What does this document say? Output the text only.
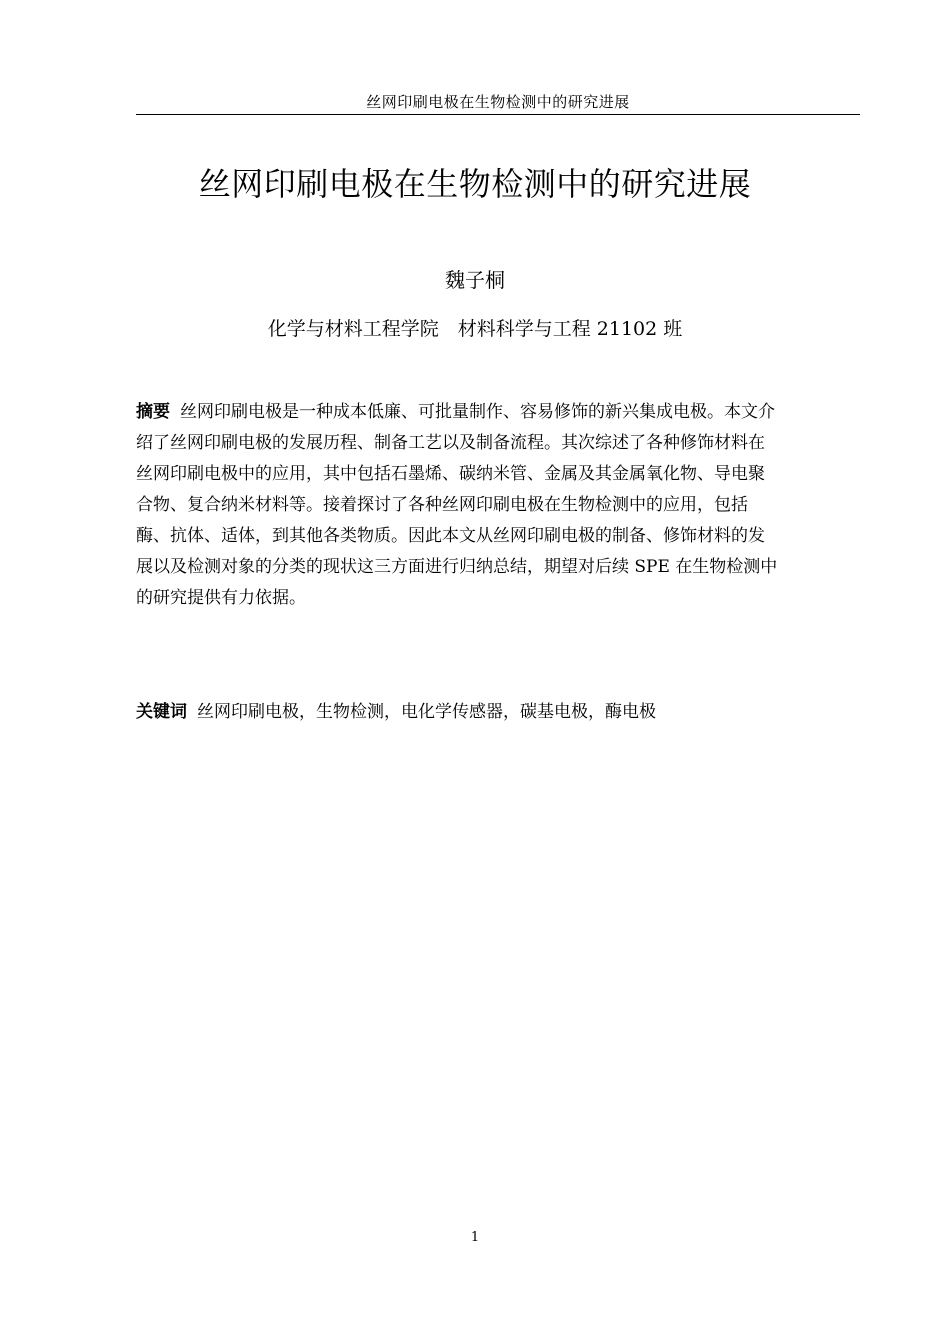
丝网印刷电极在生物检测中的研究进展
丝网印刷电极在生物检测中的研究进展
魏子桐
化学与材料工程学院　材料科学与工程 21102 班
摘要 丝网印刷电极是一种成本低廉、可批量制作、容易修饰的新兴集成电极。本文介
绍了丝网印刷电极的发展历程、制备工艺以及制备流程。其次综述了各种修饰材料在
丝网印刷电极中的应用，其中包括石墨烯、碳纳米管、金属及其金属氧化物、导电聚
合物、复合纳米材料等。接着探讨了各种丝网印刷电极在生物检测中的应用，包括
酶、抗体、适体，到其他各类物质。因此本文从丝网印刷电极的制备、修饰材料的发
展以及检测对象的分类的现状这三方面进行归纳总结，期望对后续 SPE 在生物检测中
的研究提供有力依据。
关键词 丝网印刷电极，生物检测，电化学传感器，碳基电极，酶电极
1
